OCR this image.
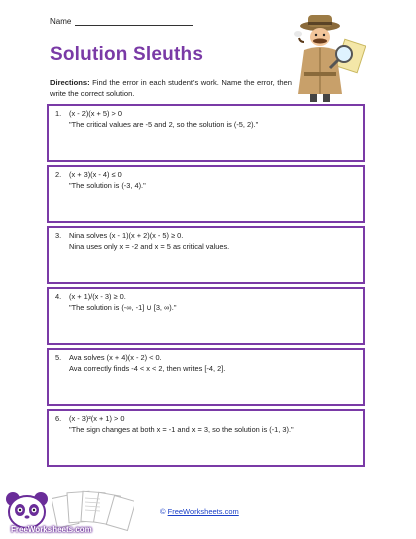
Name
Solution Sleuths
Directions: Find the error in each student's work. Name the error, then write the correct solution.
1.	(x - 2)(x + 5) > 0
"The critical values are -5 and 2, so the solution is (-5, 2)."
2.	(x + 3)(x - 4) ≤ 0
"The solution is (-3, 4)."
3.	Nina solves (x - 1)(x + 2)(x - 5) ≥ 0.
Nina uses only x = -2 and x = 5 as critical values.
4.	(x + 1)/(x - 3) ≥ 0.
"The solution is (-∞, -1] ∪ [3, ∞)."
5.	Ava solves (x + 4)(x - 2) < 0.
Ava correctly finds -4 < x < 2, then writes [-4, 2].
6.	(x - 3)²(x + 1) > 0
"The sign changes at both x = -1 and x = 3, so the solution is (-1, 3)."
FreeWorksheets.com
© FreeWorksheets.com
